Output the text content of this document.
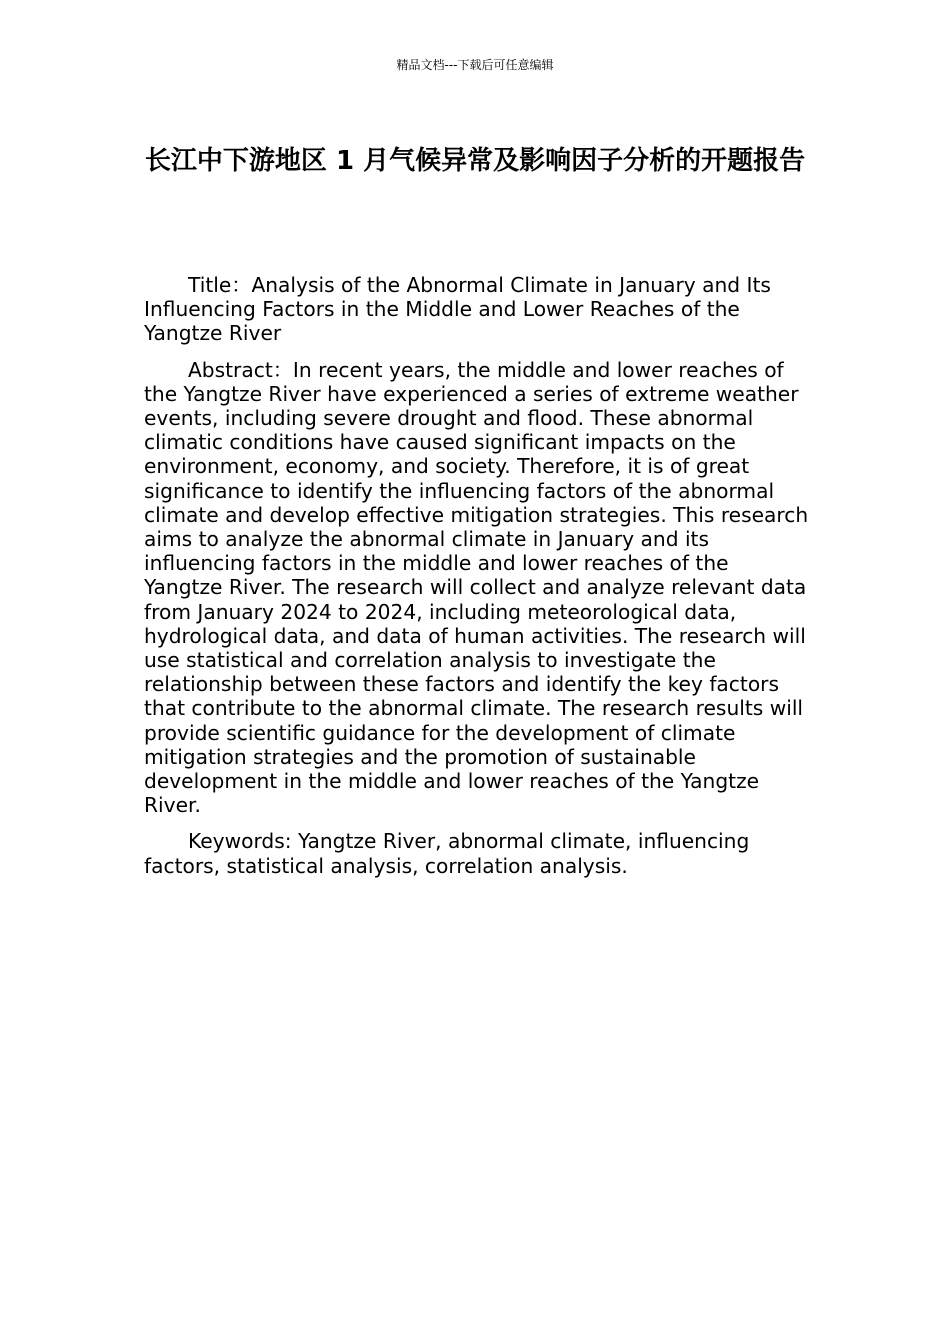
精品文档---下载后可任意编辑
长江中下游地区 1 月气候异常及影响因子分析的开题报告

Title：Analysis of the Abnormal Climate in January and Its Influencing Factors in the Middle and Lower Reaches of the Yangtze River

Abstract：In recent years, the middle and lower reaches of the Yangtze River have experienced a series of extreme weather events, including severe drought and flood. These abnormal climatic conditions have caused significant impacts on the environment, economy, and society. Therefore, it is of great significance to identify the influencing factors of the abnormal climate and develop effective mitigation strategies. This research aims to analyze the abnormal climate in January and its influencing factors in the middle and lower reaches of the Yangtze River. The research will collect and analyze relevant data from January 2024 to 2024, including meteorological data, hydrological data, and data of human activities. The research will use statistical and correlation analysis to investigate the relationship between these factors and identify the key factors that contribute to the abnormal climate. The research results will provide scientific guidance for the development of climate mitigation strategies and the promotion of sustainable development in the middle and lower reaches of the Yangtze River.

Keywords: Yangtze River, abnormal climate, influencing factors, statistical analysis, correlation analysis.
